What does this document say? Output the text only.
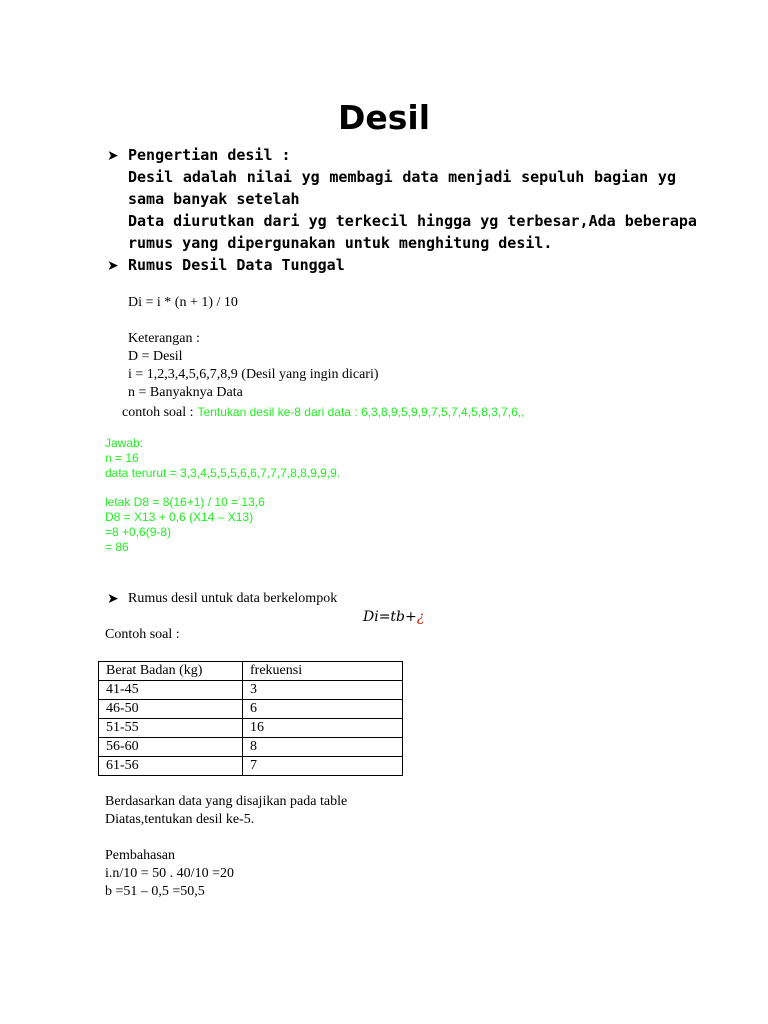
Desil
➤ Pengertian desil :
Desil adalah nilai yg membagi data menjadi sepuluh bagian yg
sama banyak setelah
Data diurutkan dari yg terkecil hingga yg terbesar,Ada beberapa
rumus yang dipergunakan untuk menghitung desil.
➤ Rumus Desil Data Tunggal
Di = i * (n + 1) / 10
Keterangan :
D = Desil
i = 1,2,3,4,5,6,7,8,9 (Desil yang ingin dicari)
n = Banyaknya Data
contoh soal : Tentukan desil ke-8 dari data : 6,3,8,9,5,9,9,7,5,7,4,5,8,3,7,6,,
Jawab:
n = 16
data terurut = 3,3,4,5,5,5,6,6,7,7,7,8,8,9,9,9.
letak D8 = 8(16+1) / 10 = 13,6
D8 = X13 + 0,6 (X14 – X13)
=8 +0,6(9-8)
= 86
➤ Rumus desil untuk data berkelompok
Di=tb+¿
Contoh soal :
Berat Badan (kg)	frekuensi
41-45	3
46-50	6
51-55	16
56-60	8
61-56	7
Berdasarkan data yang disajikan pada table
Diatas,tentukan desil ke-5.
Pembahasan
i.n/10 = 50 . 40/10 =20
b =51 – 0,5 =50,5
